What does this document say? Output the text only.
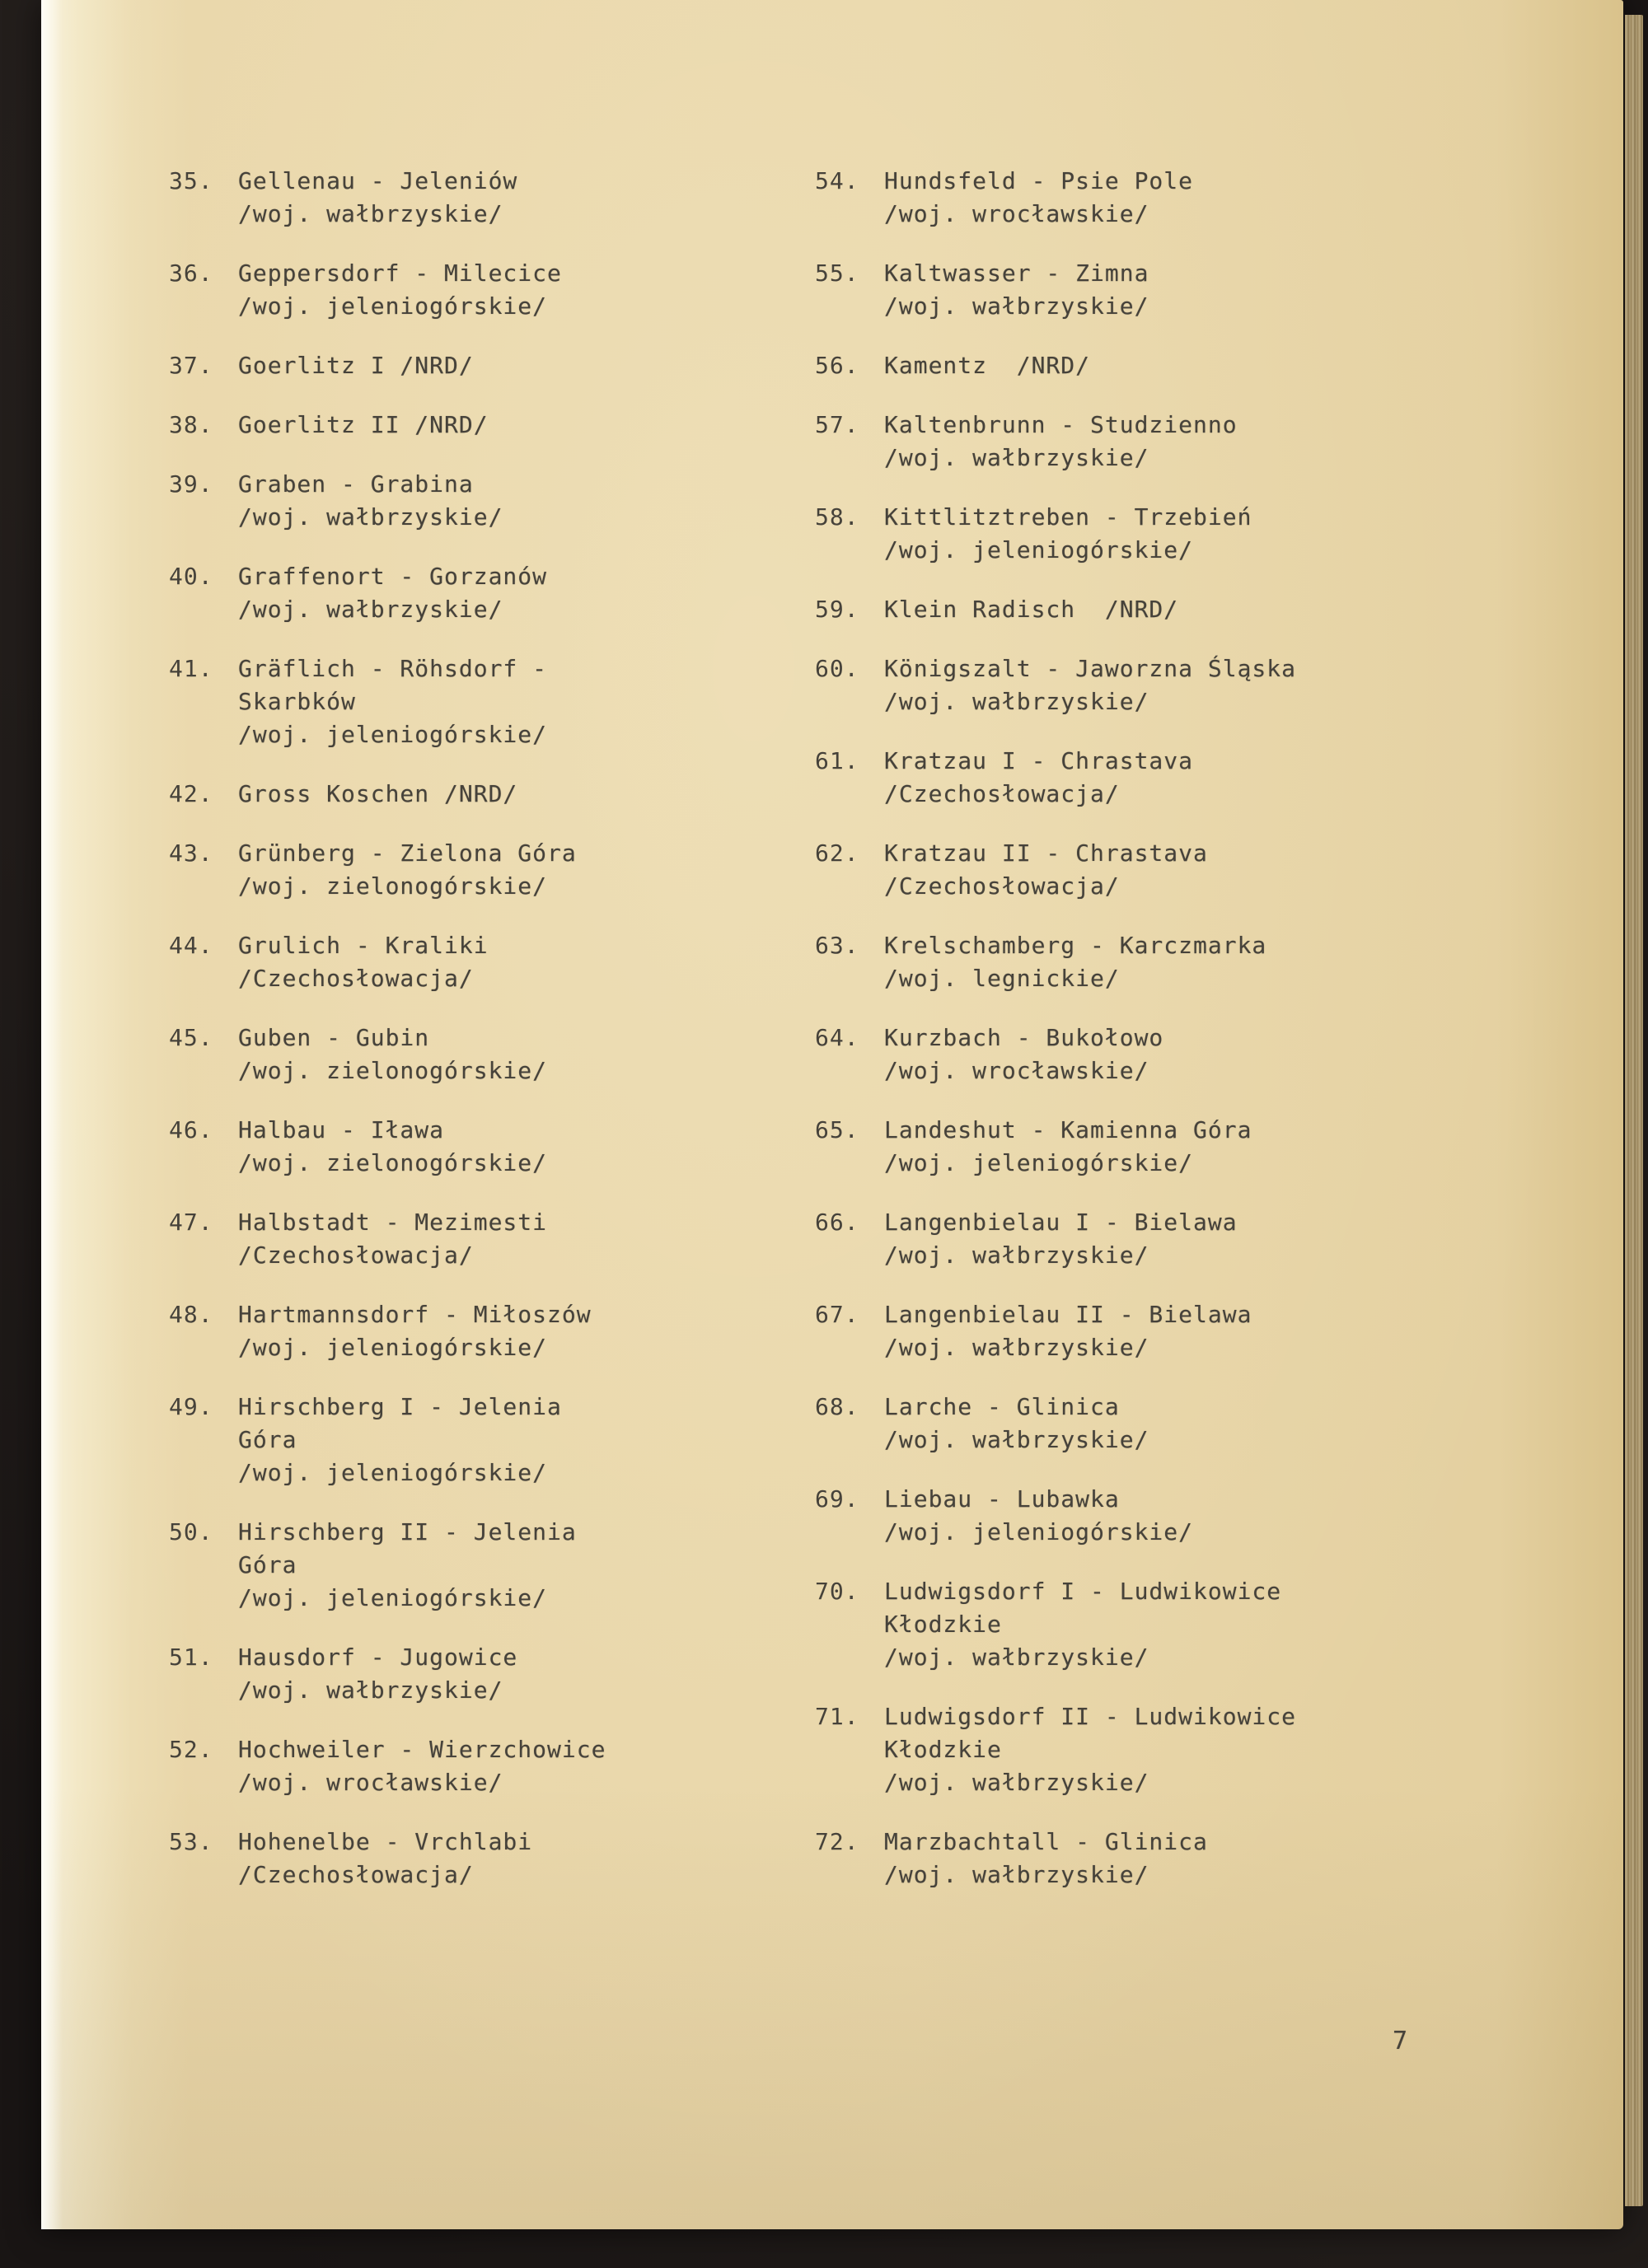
35.	Gellenau - Jeleniów
/woj. wałbrzyskie/
36.	Geppersdorf - Milecice
/woj. jeleniogórskie/
37.	Goerlitz I /NRD/
38.	Goerlitz II /NRD/
39.	Graben - Grabina
/woj. wałbrzyskie/
40.	Graffenort - Gorzanów
/woj. wałbrzyskie/
41.	Gräflich - Röhsdorf -
Skarbków
/woj. jeleniogórskie/
42.	Gross Koschen /NRD/
43.	Grünberg - Zielona Góra
/woj. zielonogórskie/
44.	Grulich - Kraliki
/Czechosłowacja/
45.	Guben - Gubin
/woj. zielonogórskie/
46.	Halbau - Iława
/woj. zielonogórskie/
47.	Halbstadt - Mezimesti
/Czechosłowacja/
48.	Hartmannsdorf - Miłoszów
/woj. jeleniogórskie/
49.	Hirschberg I - Jelenia
Góra
/woj. jeleniogórskie/
50.	Hirschberg II - Jelenia
Góra
/woj. jeleniogórskie/
51.	Hausdorf - Jugowice
/woj. wałbrzyskie/
52.	Hochweiler - Wierzchowice
/woj. wrocławskie/
53.	Hohenelbe - Vrchlabi
/Czechosłowacja/
54.	Hundsfeld - Psie Pole
/woj. wrocławskie/
55.	Kaltwasser - Zimna
/woj. wałbrzyskie/
56.	Kamentz  /NRD/
57.	Kaltenbrunn - Studzienno
/woj. wałbrzyskie/
58.	Kittlitztreben - Trzebień
/woj. jeleniogórskie/
59.	Klein Radisch  /NRD/
60.	Königszalt - Jaworzna Śląska
/woj. wałbrzyskie/
61.	Kratzau I - Chrastava
/Czechosłowacja/
62.	Kratzau II - Chrastava
/Czechosłowacja/
63.	Krelschamberg - Karczmarka
/woj. legnickie/
64.	Kurzbach - Bukołowo
/woj. wrocławskie/
65.	Landeshut - Kamienna Góra
/woj. jeleniogórskie/
66.	Langenbielau I - Bielawa
/woj. wałbrzyskie/
67.	Langenbielau II - Bielawa
/woj. wałbrzyskie/
68.	Larche - Glinica
/woj. wałbrzyskie/
69.	Liebau - Lubawka
/woj. jeleniogórskie/
70.	Ludwigsdorf I - Ludwikowice
Kłodzkie
/woj. wałbrzyskie/
71.	Ludwigsdorf II - Ludwikowice
Kłodzkie
/woj. wałbrzyskie/
72.	Marzbachtall - Glinica
/woj. wałbrzyskie/
7
